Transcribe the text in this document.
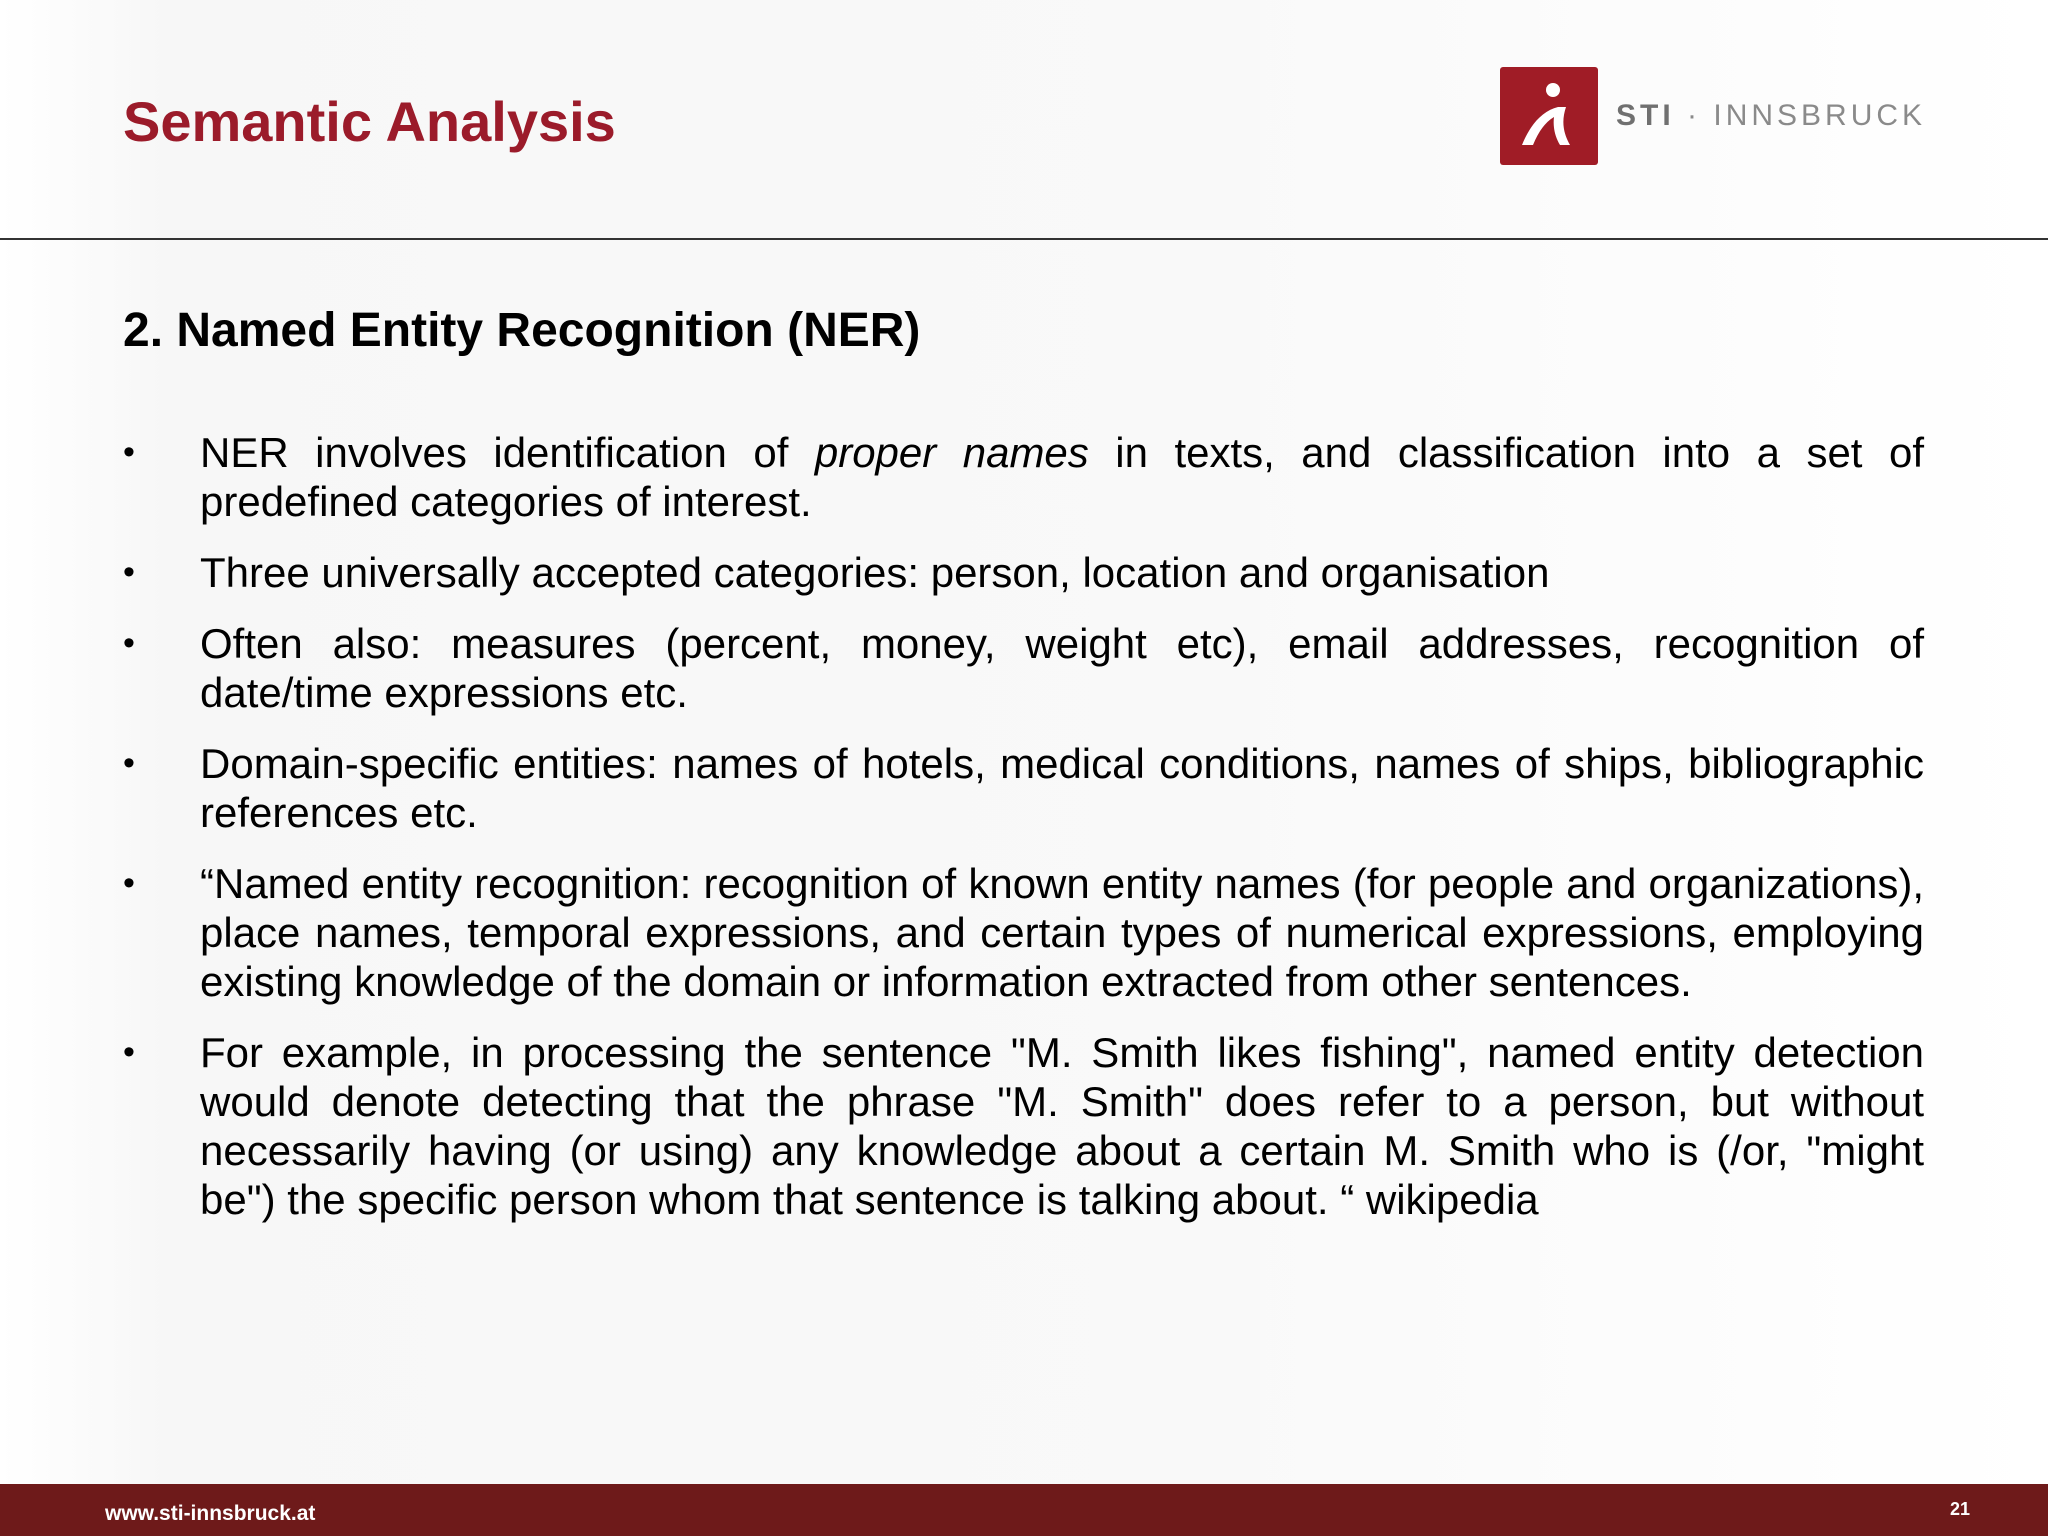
Semantic Analysis	STI · INNSBRUCK
2. Named Entity Recognition (NER)
•	NER involves identification of proper names in texts, and classification into a set of predefined categories of interest.
•	Three universally accepted categories: person, location and organisation
•	Often also: measures (percent, money, weight etc), email addresses, recognition of date/time expressions etc.
•	Domain-specific entities: names of hotels, medical conditions, names of ships, bibliographic references etc.
•	“Named entity recognition: recognition of known entity names (for people and organizations), place names, temporal expressions, and certain types of numerical expressions, employing existing knowledge of the domain or information extracted from other sentences.
•	For example, in processing the sentence "M. Smith likes fishing", named entity detection would denote detecting that the phrase "M. Smith" does refer to a person, but without necessarily having (or using) any knowledge about a certain M. Smith who is (/or, "might be") the specific person whom that sentence is talking about. “ wikipedia
www.sti-innsbruck.at	21
